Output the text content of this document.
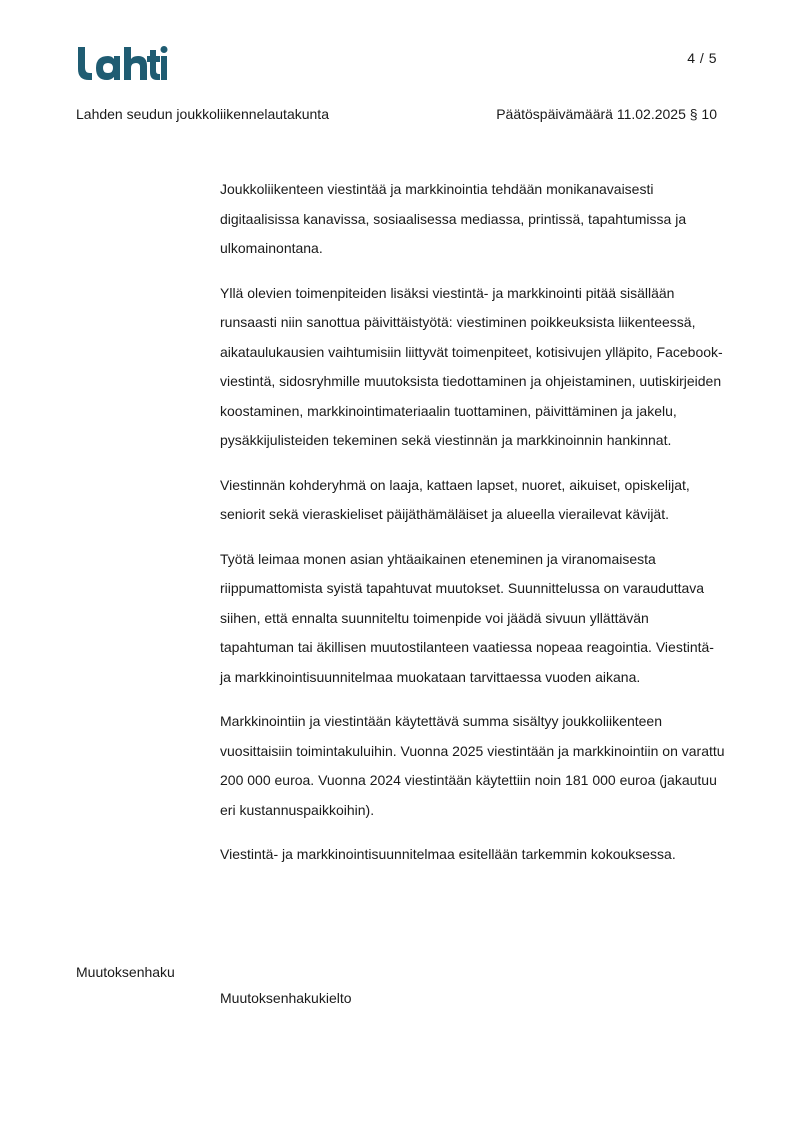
4 / 5
Lahden seudun joukkoliikennelautakunta	Päätöspäivämäärä 11.02.2025 § 10

Joukkoliikenteen viestintää ja markkinointia tehdään monikanavaisesti digitaalisissa kanavissa, sosiaalisessa mediassa, printissä, tapahtumissa ja ulkomainontana.

Yllä olevien toimenpiteiden lisäksi viestintä- ja markkinointi pitää sisällään runsaasti niin sanottua päivittäistyötä: viestiminen poikkeuksista liikenteessä, aikataulukausien vaihtumisiin liittyvät toimenpiteet, kotisivujen ylläpito, Facebook-viestintä, sidosryhmille muutoksista tiedottaminen ja ohjeistaminen, uutiskirjeiden koostaminen, markkinointimateriaalin tuottaminen, päivittäminen ja jakelu, pysäkkijulisteiden tekeminen sekä viestinnän ja markkinoinnin hankinnat.

Viestinnän kohderyhmä on laaja, kattaen lapset, nuoret, aikuiset, opiskelijat, seniorit sekä vieraskieliset päijäthämäläiset ja alueella vierailevat kävijät.

Työtä leimaa monen asian yhtäaikainen eteneminen ja viranomaisesta riippumattomista syistä tapahtuvat muutokset. Suunnittelussa on varauduttava siihen, että ennalta suunniteltu toimenpide voi jäädä sivuun yllättävän tapahtuman tai äkillisen muutostilanteen vaatiessa nopeaa reagointia. Viestintä- ja markkinointisuunnitelmaa muokataan tarvittaessa vuoden aikana.

Markkinointiin ja viestintään käytettävä summa sisältyy joukkoliikenteen vuosittaisiin toimintakuluihin. Vuonna 2025 viestintään ja markkinointiin on varattu 200 000 euroa. Vuonna 2024 viestintään käytettiin noin 181 000 euroa (jakautuu eri kustannuspaikkoihin).

Viestintä- ja markkinointisuunnitelmaa esitellään tarkemmin kokouksessa.

Muutoksenhaku
Muutoksenhakukielto
